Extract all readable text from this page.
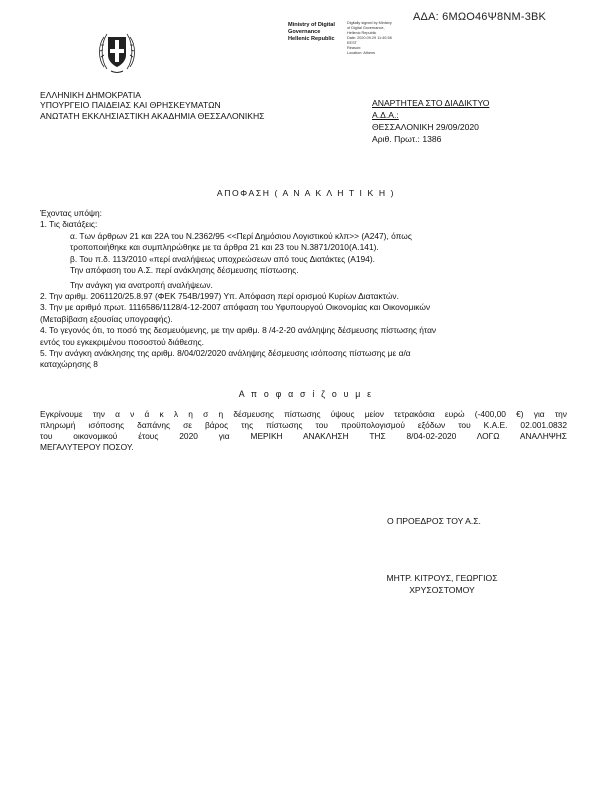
ΑΔΑ: 6ΜΩΟ46Ψ8ΝΜ-3ΒΚ
Ministry of Digital
Governance
Hellenic Republic
Digitally signed by Ministry
of Digital Governance,
Hellenic Republic
Date: 2020.09.29 11:40:58
EEST
Reason:
Location: Athens
ΕΛΛΗΝΙΚΗ ΔΗΜΟΚΡΑΤΙΑ
ΥΠΟΥΡΓΕΙΟ ΠΑΙΔΕΙΑΣ ΚΑΙ ΘΡΗΣΚΕΥΜΑΤΩΝ
ΑΝΩΤΑΤΗ ΕΚΚΛΗΣΙΑΣΤΙΚΗ ΑΚΑΔΗΜΙΑ ΘΕΣΣΑΛΟΝΙΚΗΣ
ΑΝΑΡΤΗΤΕΑ ΣΤΟ ΔΙΑΔΙΚΤΥΟ
Α.Δ.Α.:
ΘΕΣΣΑΛΟΝΙΚΗ 29/09/2020
Αριθ. Πρωτ.: 1386
ΑΠΟΦΑΣΗ ( Α Ν Α Κ Λ Η Τ Ι Κ Η )
Έχοντας υπόψη:
1. Τις διατάξεις:
α. Των άρθρων 21 και 22Α του Ν.2362/95 <<Περί Δημόσιου Λογιστικού κλπ>> (Α247), όπως
τροποποιήθηκε και συμπληρώθηκε με τα άρθρα 21 και 23 του Ν.3871/2010(Α.141).
β. Του π.δ. 113/2010 «περί αναλήψεως υποχρεώσεων από τους Διατάκτες (Α194).
Την απόφαση του Α.Σ. περί ανάκλησης δέσμευσης πίστωσης.
Την ανάγκη για ανατροπή αναλήψεων.
2. Την αριθμ. 2061120/25.8.97 (ΦΕΚ 754Β/1997) Υπ. Απόφαση περί ορισμού Κυρίων Διατακτών.
3. Την με αριθμό πρωτ. 1116586/1128/4-12-2007 απόφαση του Υφυπουργού Οικονομίας και Οικονομικών
(Μεταβίβαση εξουσίας υπογραφής).
4. Το γεγονός ότι, το ποσό της δεσμευόμενης, με την αριθμ. 8 /4-2-20 ανάληψης δέσμευσης πίστωσης ήταν
εντός του εγκεκριμένου ποσοστού διάθεσης.
5. Την ανάγκη ανάκλησης της αριθμ. 8/04/02/2020 ανάληψης δέσμευσης ισόποσης πίστωσης με α/α
καταχώρησης 8
Α π ο φ α σ ί ζ ο υ μ ε
Εγκρίνουμε την α ν ά κ λ η σ η δέσμευσης πίστωσης ύψους μείον τετρακόσια ευρώ (-400,00 €) για την
πληρωμή ισόποσης δαπάνης σε βάρος της πίστωσης του προϋπολογισμού εξόδων του Κ.Α.Ε. 02.001.0832
του οικονομικού έτους 2020 για ΜΕΡΙΚΗ ΑΝΑΚΛΗΣΗ ΤΗΣ 8/04-02-2020 ΛΟΓΩ ΑΝΑΛΗΨΗΣ
ΜΕΓΑΛΥΤΕΡΟΥ ΠΟΣΟΥ.
Ο ΠΡΟΕΔΡΟΣ ΤΟΥ Α.Σ.
ΜΗΤΡ. ΚΙΤΡΟΥΣ, ΓΕΩΡΓΙΟΣ
ΧΡΥΣΟΣΤΟΜΟΥ
